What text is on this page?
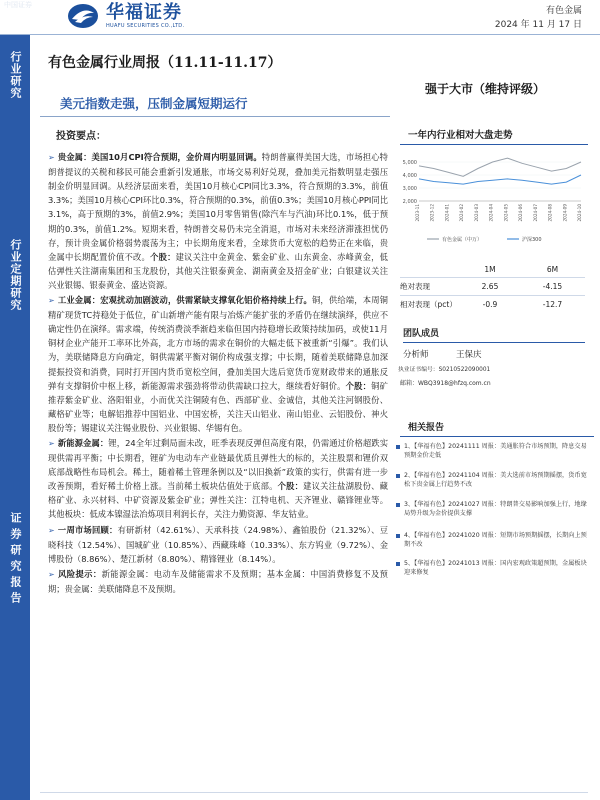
中国证券	华福证券
HUAFU SECURITIES CO.,LTD.
有色金属
2024 年 11 月 17 日
行业研究
行业定期研究
证券研究报告
有色金属行业周报（11.11-11.17）
美元指数走强，压制金属短期运行
强于大市（维持评级）

投资要点：

➢ 贵金属：美国10月CPI符合预期，金价周内明显回调。特朗普赢得美国大选，市场担心特朗普提议的关税和移民可能会重新引发通胀，市场交易利好兑现，叠加美元指数明显走强压制金价明显回调。从经济层面来看，美国10月核心CPI同比3.3%，符合预期的3.3%，前值3.3%；美国10月核心CPI环比0.3%，符合预期的0.3%，前值0.3%；美国10月核心PPI同比3.1%，高于预期的3%，前值2.9%；美国10月零售销售(除汽车与汽油)环比0.1%，低于预期的0.3%，前值1.2%。短期来看，特朗普交易仍未完全消退，市场对未来经济滞涨担忧仍存，预计贵金属价格弱势震荡为主；中长期角度来看，全球货币大宽松的趋势正在来临，贵金属中长期配置价值不改。个股：建议关注中金黄金、紫金矿业、山东黄金、赤峰黄金，低估弹性关注湖南集团和玉龙股份，其他关注银泰黄金、湖南黄金及招金矿业；白银建议关注兴业银锡、银泰黄金、盛达资源。

➢ 工业金属：宏观扰动加剧波动，供需紧缺支撑氧化铝价格持续上行。铜，供给端，本周铜精矿现货TC持稳处于低位，矿山新增产能有限与冶炼产能扩张的矛盾仍在继续演绎，供应不确定性仍在演绎。需求端，传统消费淡季渐趋来临但国内持稳增长政策持续加码，或使11月铜材企业产能开工率环比外高，北方市场的需求在铜价的大幅走低下被重新“引爆”。我们认为，美联储降息方向确定，铜供需紧平衡对铜价构成强支撑；中长期，随着美联储降息加深提振投资和消费，同时打开国内货币宽松空间，叠加美国大选后宽货币宽财政带来的通胀反弹有支撑铜价中枢上移，新能源需求强劲将带动供需缺口拉大，继续看好铜价。个股：铜矿推荐紫金矿业、洛阳钼业，小而优关注铜陵有色、西部矿业、金诚信，其他关注河钢股份、藏格矿业等；电解铝推荐中国铝业、中国宏桥，关注天山铝业、南山铝业、云铝股份、神火股份等；锡建议关注锡业股份、兴业银锡、华锡有色。

➢ 新能源金属：锂，24全年过剩局面未改，旺季表现反弹但高度有限，仍需通过价格超跌实现供需再平衡；中长期看，锂矿为电动车产业链最优质且弹性大的标的，关注股票和锂价双底部战略性布局机会。稀土，随着稀土管理条例以及“以旧换新”政策的实行，供需有进一步改善预期，看好稀土价格上涨。当前稀土板块估值处于底部。个股：建议关注盐湖股份、藏格矿业、永兴材料、中矿资源及紫金矿业；弹性关注：江特电机、天齐锂业、赣锋锂业等。其他板块：低成本镍湿法冶炼项目利润长存，关注力勤资源、华友钴业。

➢ 一周市场回顾：有研新材（42.61%）、天承科技（24.98%）、鑫铂股份（21.32%）、豆晓科技（12.54%）、国城矿业（10.85%）、西藏珠峰（10.33%）、东方钨业（9.72%）、金博股份（8.86%）、楚江新材（8.80%）、精锋锂业（8.14%）。

➢ 风险提示：新能源金属：电动车及储能需求不及预期；基本金属：中国消费修复不及预期；贵金属：美联储降息不及预期。

一年内行业相对大盘走势
5,000
4,000
3,000
2,000
2023-11 2023-12 2024-01 2024-02 2024-03 2024-04 2024-05 2024-06 2024-07 2024-08 2024-09 2024-10
有色金属（中万）	沪深300
	1M	6M
绝对表现	2.65	-4.15
相对表现（pct）	-0.9	-12.7
团队成员
分析师	王保庆
执业证书编号：S0210522090001
邮箱：WBQ3918@hfzq.com.cn
相关报告
1、【华福有色】20241111 周报：美通胀符合市场预期，降息交易预期金价走低
2、【华福有色】20241104 周报：美大选前市场预期摇摆，货币宽松下贵金属上行趋势不改
3、【华福有色】20241027 周报：特朗普交易影响加强上行，地缘局势升级为金价提供支撑
4、【华福有色】20241020 周报：短期市场预期摇摆，长期向上预期不改
5、【华福有色】20241013 周报：国内宏观政策超预期，金属板块迎来修复
